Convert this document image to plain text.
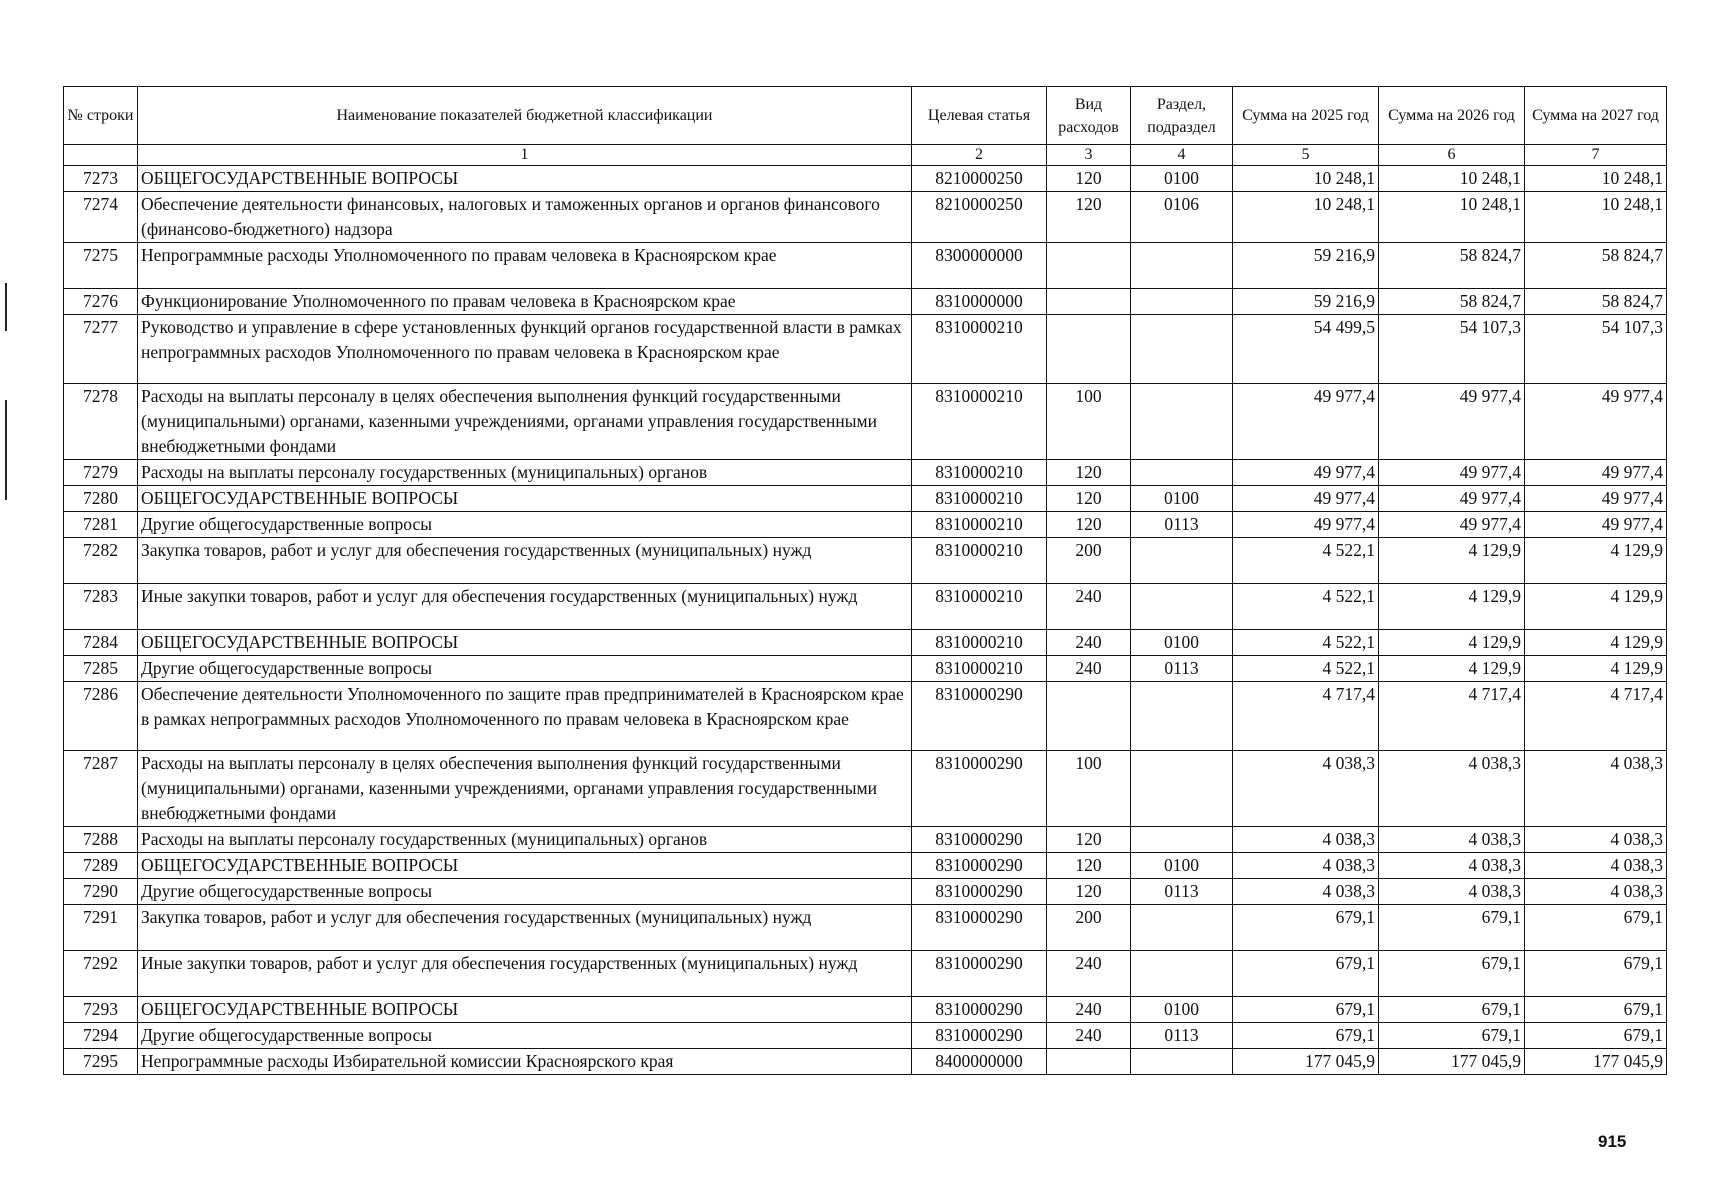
№ строки	Наименование показателей бюджетной классификации	Целевая статья	Вид расходов	Раздел, подраздел	Сумма на 2025 год	Сумма на 2026 год	Сумма на 2027 год
	1	2	3	4	5	6	7
7273	ОБЩЕГОСУДАРСТВЕННЫЕ ВОПРОСЫ	8210000250	120	0100	10 248,1	10 248,1	10 248,1
7274	Обеспечение деятельности финансовых, налоговых и таможенных органов и органов финансового (финансово-бюджетного) надзора	8210000250	120	0106	10 248,1	10 248,1	10 248,1
7275	Непрограммные расходы Уполномоченного по правам человека в Красноярском крае	8300000000			59 216,9	58 824,7	58 824,7
7276	Функционирование Уполномоченного по правам человека в Красноярском крае	8310000000			59 216,9	58 824,7	58 824,7
7277	Руководство и управление в сфере установленных функций органов государственной власти в рамках непрограммных расходов Уполномоченного по правам человека в Красноярском крае	8310000210			54 499,5	54 107,3	54 107,3
7278	Расходы на выплаты персоналу в целях обеспечения выполнения функций государственными (муниципальными) органами, казенными учреждениями, органами управления государственными внебюджетными фондами	8310000210	100		49 977,4	49 977,4	49 977,4
7279	Расходы на выплаты персоналу государственных (муниципальных) органов	8310000210	120		49 977,4	49 977,4	49 977,4
7280	ОБЩЕГОСУДАРСТВЕННЫЕ ВОПРОСЫ	8310000210	120	0100	49 977,4	49 977,4	49 977,4
7281	Другие общегосударственные вопросы	8310000210	120	0113	49 977,4	49 977,4	49 977,4
7282	Закупка товаров, работ и услуг для обеспечения государственных (муниципальных) нужд	8310000210	200		4 522,1	4 129,9	4 129,9
7283	Иные закупки товаров, работ и услуг для обеспечения государственных (муниципальных) нужд	8310000210	240		4 522,1	4 129,9	4 129,9
7284	ОБЩЕГОСУДАРСТВЕННЫЕ ВОПРОСЫ	8310000210	240	0100	4 522,1	4 129,9	4 129,9
7285	Другие общегосударственные вопросы	8310000210	240	0113	4 522,1	4 129,9	4 129,9
7286	Обеспечение деятельности Уполномоченного по защите прав предпринимателей в Красноярском крае в рамках непрограммных расходов Уполномоченного по правам человека в Красноярском крае	8310000290			4 717,4	4 717,4	4 717,4
7287	Расходы на выплаты персоналу в целях обеспечения выполнения функций государственными (муниципальными) органами, казенными учреждениями, органами управления государственными внебюджетными фондами	8310000290	100		4 038,3	4 038,3	4 038,3
7288	Расходы на выплаты персоналу государственных (муниципальных) органов	8310000290	120		4 038,3	4 038,3	4 038,3
7289	ОБЩЕГОСУДАРСТВЕННЫЕ ВОПРОСЫ	8310000290	120	0100	4 038,3	4 038,3	4 038,3
7290	Другие общегосударственные вопросы	8310000290	120	0113	4 038,3	4 038,3	4 038,3
7291	Закупка товаров, работ и услуг для обеспечения государственных (муниципальных) нужд	8310000290	200		679,1	679,1	679,1
7292	Иные закупки товаров, работ и услуг для обеспечения государственных (муниципальных) нужд	8310000290	240		679,1	679,1	679,1
7293	ОБЩЕГОСУДАРСТВЕННЫЕ ВОПРОСЫ	8310000290	240	0100	679,1	679,1	679,1
7294	Другие общегосударственные вопросы	8310000290	240	0113	679,1	679,1	679,1
7295	Непрограммные расходы Избирательной комиссии Красноярского края	8400000000			177 045,9	177 045,9	177 045,9
915
